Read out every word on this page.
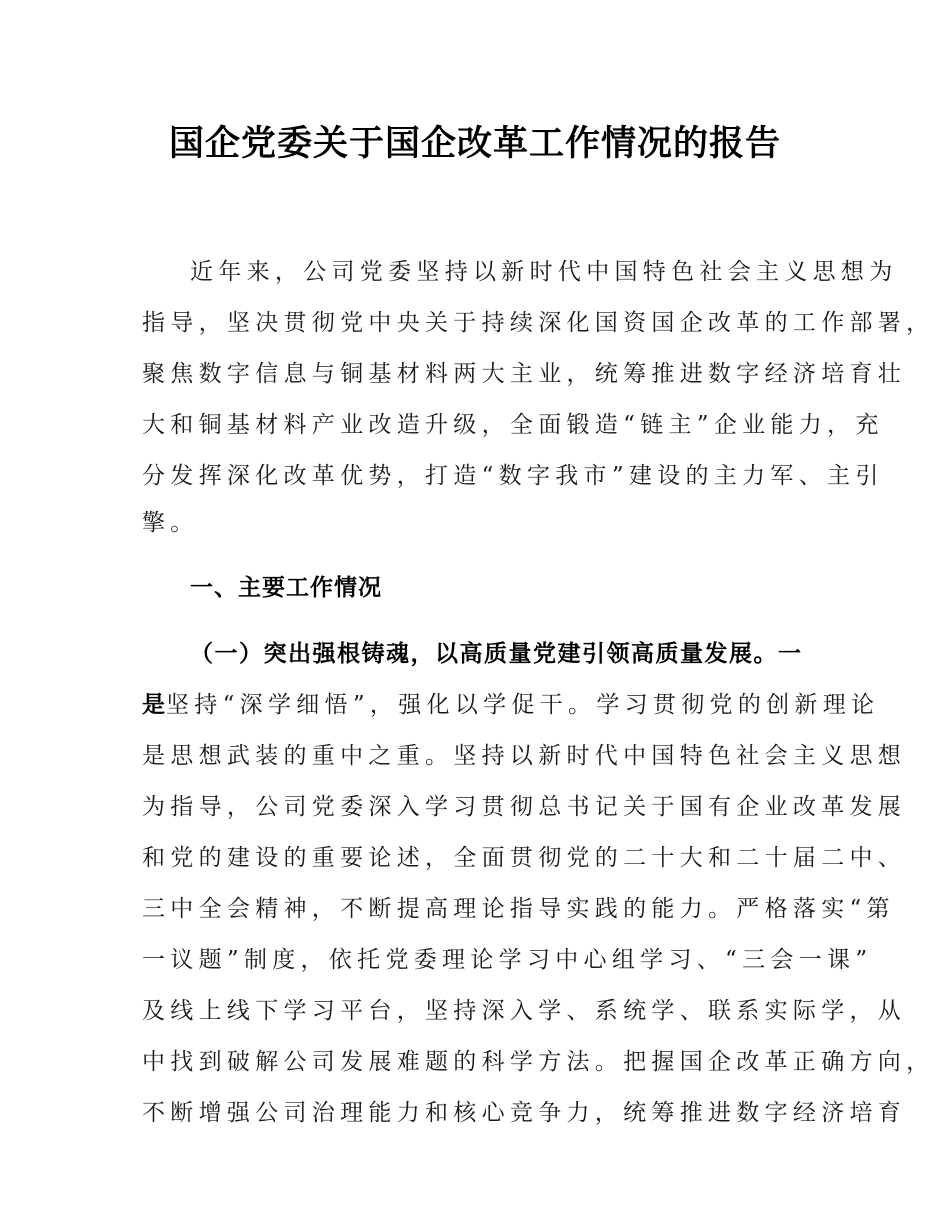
国企党委关于国企改革工作情况的报告
近年来，公司党委坚持以新时代中国特色社会主义思想为
指导，坚决贯彻党中央关于持续深化国资国企改革的工作部署，
聚焦数字信息与铜基材料两大主业，统筹推进数字经济培育壮
大和铜基材料产业改造升级，全面锻造“链主”企业能力，充
分发挥深化改革优势，打造“数字我市”建设的主力军、主引
擎。
一、主要工作情况
（一）突出强根铸魂，以高质量党建引领高质量发展。一
是坚持“深学细悟”，强化以学促干。学习贯彻党的创新理论
是思想武装的重中之重。坚持以新时代中国特色社会主义思想
为指导，公司党委深入学习贯彻总书记关于国有企业改革发展
和党的建设的重要论述，全面贯彻党的二十大和二十届二中、
三中全会精神，不断提高理论指导实践的能力。严格落实“第
一议题”制度，依托党委理论学习中心组学习、“三会一课”
及线上线下学习平台，坚持深入学、系统学、联系实际学，从
中找到破解公司发展难题的科学方法。把握国企改革正确方向，
不断增强公司治理能力和核心竞争力，统筹推进数字经济培育
